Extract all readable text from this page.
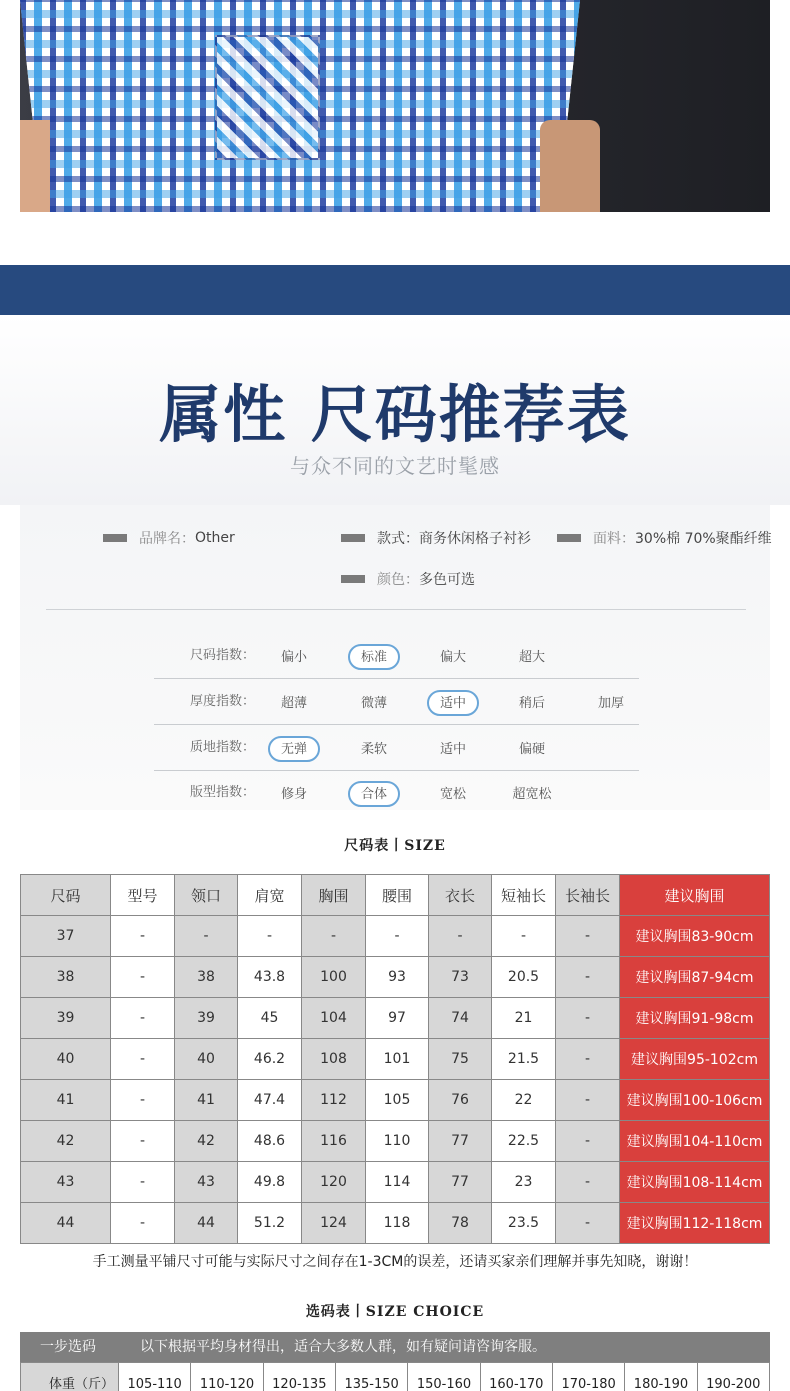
属性 尺码推荐表
与众不同的文艺时髦感
品牌名： Other	款式： 商务休闲格子衬衫	面料： 30%棉 70%聚酯纤维
颜色： 多色可选
尺码指数：	偏小	标准	偏大	超大
厚度指数：	超薄	微薄	适中	稍后	加厚
质地指数：	无弹	柔软	适中	偏硬
版型指数：	修身	合体	宽松	超宽松
尺码表丨SIZE
尺码	型号	领口	肩宽	胸围	腰围	衣长	短袖长	长袖长	建议胸围
37	-	-	-	-	-	-	-	-	建议胸围83-90cm
38	-	38	43.8	100	93	73	20.5	-	建议胸围87-94cm
39	-	39	45	104	97	74	21	-	建议胸围91-98cm
40	-	40	46.2	108	101	75	21.5	-	建议胸围95-102cm
41	-	41	47.4	112	105	76	22	-	建议胸围100-106cm
42	-	42	48.6	116	110	77	22.5	-	建议胸围104-110cm
43	-	43	49.8	120	114	77	23	-	建议胸围108-114cm
44	-	44	51.2	124	118	78	23.5	-	建议胸围112-118cm
手工测量平铺尺寸可能与实际尺寸之间存在1-3CM的误差，还请买家亲们理解并事先知晓，谢谢！
选码表丨SIZE CHOICE
一步选码	以下根据平均身材得出，适合大多数人群，如有疑问请咨询客服。
体重（斤）	105-110	110-120	120-135	135-150	150-160	160-170	170-180	180-190	190-200
